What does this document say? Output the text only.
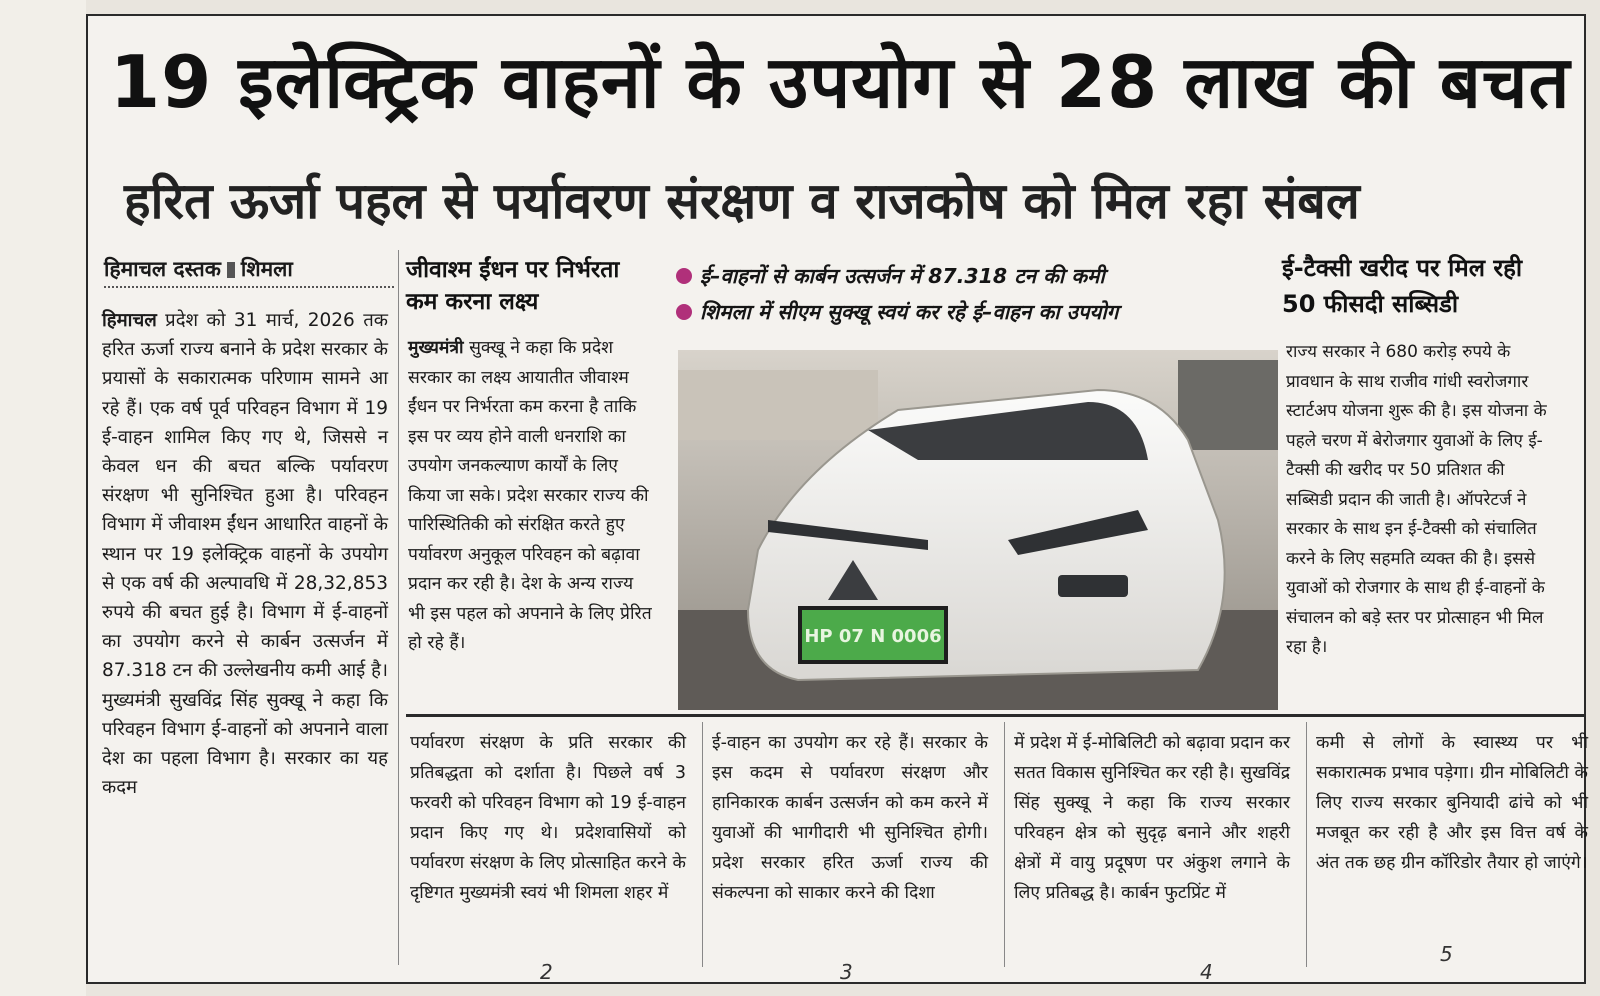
19 इलेक्ट्रिक वाहनों के उपयोग से 28 लाख की बचत
हरित ऊर्जा पहल से पर्यावरण संरक्षण व राजकोष को मिल रहा संबल
हिमाचल दस्तक शिमला
हिमाचल प्रदेश को 31 मार्च, 2026 तक हरित ऊर्जा राज्य बनाने के प्रदेश सरकार के प्रयासों के सकारात्मक परिणाम सामने आ रहे हैं। एक वर्ष पूर्व परिवहन विभाग में 19 ई-वाहन शामिल किए गए थे, जिससे न केवल धन की बचत बल्कि पर्यावरण संरक्षण भी सुनिश्चित हुआ है। परिवहन विभाग में जीवाश्म ईंधन आधारित वाहनों के स्थान पर 19 इलेक्ट्रिक वाहनों के उपयोग से एक वर्ष की अल्पावधि में 28,32,853 रुपये की बचत हुई है। विभाग में ई-वाहनों का उपयोग करने से कार्बन उत्सर्जन में 87.318 टन की उल्लेखनीय कमी आई है। मुख्यमंत्री सुखविंद्र सिंह सुक्खू ने कहा कि परिवहन विभाग ई-वाहनों को अपनाने वाला देश का पहला विभाग है। सरकार का यह कदम
जीवाश्म ईंधन पर निर्भरता कम करना लक्ष्य
मुख्यमंत्री सुक्खू ने कहा कि प्रदेश सरकार का लक्ष्य आयातीत जीवाश्म ईंधन पर निर्भरता कम करना है ताकि इस पर व्यय होने वाली धनराशि का उपयोग जनकल्याण कार्यों के लिए किया जा सके। प्रदेश सरकार राज्य की पारिस्थितिकी को संरक्षित करते हुए पर्यावरण अनुकूल परिवहन को बढ़ावा प्रदान कर रही है। देश के अन्य राज्य भी इस पहल को अपनाने के लिए प्रेरित हो रहे हैं।
ई–वाहनों से कार्बन उत्सर्जन में 87.318 टन की कमी
शिमला में सीएम सुक्खू स्वयं कर रहे ई–वाहन का उपयोग
HP 07 N 0006
ई-टैक्सी खरीद पर मिल रही 50 फीसदी सब्सिडी
राज्य सरकार ने 680 करोड़ रुपये के प्रावधान के साथ राजीव गांधी स्वरोजगार स्टार्टअप योजना शुरू की है। इस योजना के पहले चरण में बेरोजगार युवाओं के लिए ई-टैक्सी की खरीद पर 50 प्रतिशत की सब्सिडी प्रदान की जाती है। ऑपरेटर्ज ने सरकार के साथ इन ई-टैक्सी को संचालित करने के लिए सहमति व्यक्त की है। इससे युवाओं को रोजगार के साथ ही ई-वाहनों के संचालन को बड़े स्तर पर प्रोत्साहन भी मिल रहा है।
पर्यावरण संरक्षण के प्रति सरकार की प्रतिबद्धता को दर्शाता है। पिछले वर्ष 3 फरवरी को परिवहन विभाग को 19 ई-वाहन प्रदान किए गए थे। प्रदेशवासियों को पर्यावरण संरक्षण के लिए प्रोत्साहित करने के दृष्टिगत मुख्यमंत्री स्वयं भी शिमला शहर में
ई-वाहन का उपयोग कर रहे हैं। सरकार के इस कदम से पर्यावरण संरक्षण और हानिकारक कार्बन उत्सर्जन को कम करने में युवाओं की भागीदारी भी सुनिश्चित होगी। प्रदेश सरकार हरित ऊर्जा राज्य की संकल्पना को साकार करने की दिशा
में प्रदेश में ई-मोबिलिटी को बढ़ावा प्रदान कर सतत विकास सुनिश्चित कर रही है। सुखविंद्र सिंह सुक्खू ने कहा कि राज्य सरकार परिवहन क्षेत्र को सुदृढ़ बनाने और शहरी क्षेत्रों में वायु प्रदूषण पर अंकुश लगाने के लिए प्रतिबद्ध है। कार्बन फुटप्रिंट में
कमी से लोगों के स्वास्थ्य पर भी सकारात्मक प्रभाव पड़ेगा। ग्रीन मोबिलिटी के लिए राज्य सरकार बुनियादी ढांचे को भी मजबूत कर रही है और इस वित्त वर्ष के अंत तक छह ग्रीन कॉरिडोर तैयार हो जाएंगे।
2	3	4
5
